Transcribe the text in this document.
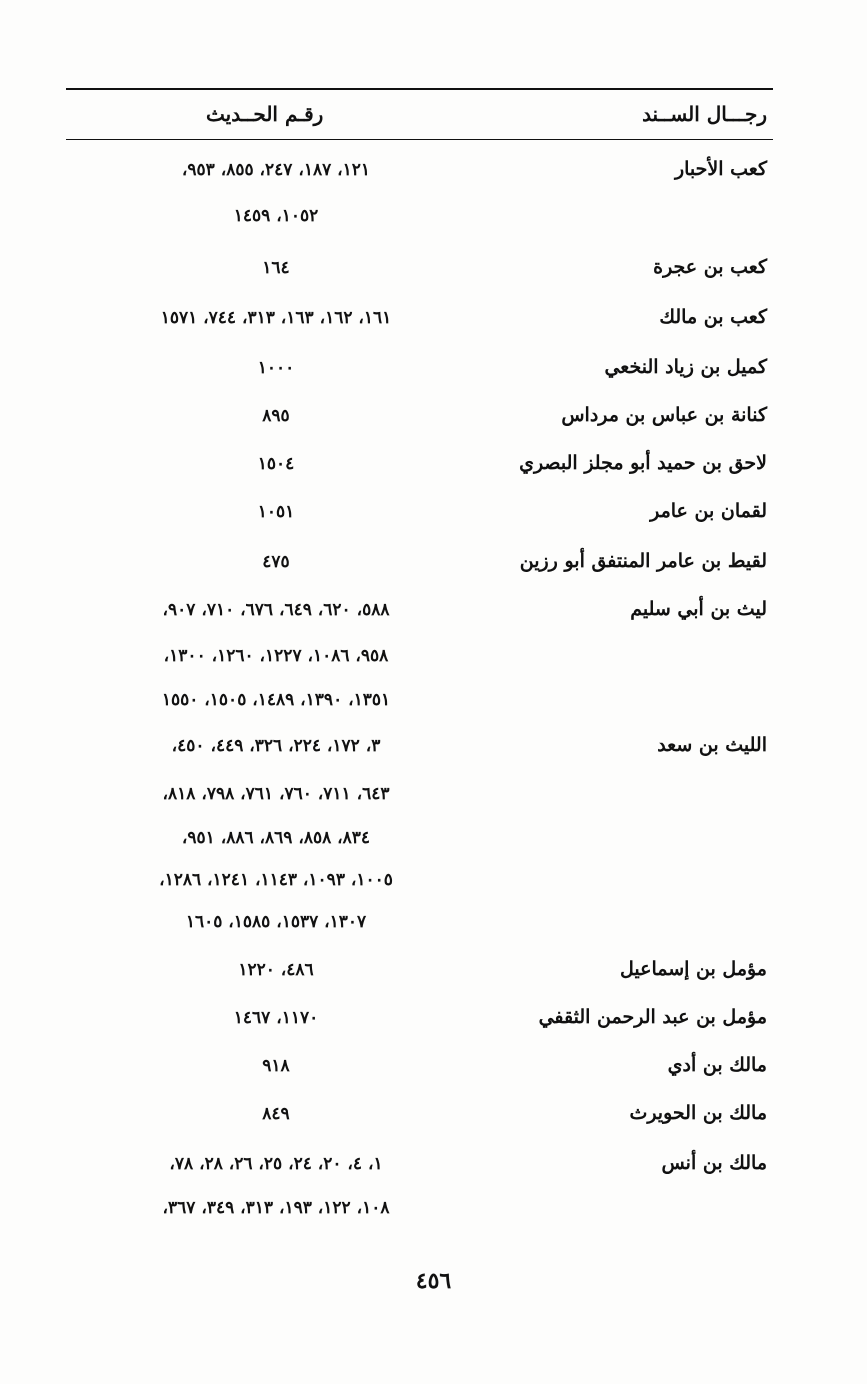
رجـــال الســند
رقـم الحــديث
كعب الأحبار
١٢١، ١٨٧، ٢٤٧، ٨٥٥، ٩٥٣،
١٠٥٢، ١٤٥٩
كعب بن عجرة
١٦٤
كعب بن مالك
١٦١، ١٦٢، ١٦٣، ٣١٣، ٧٤٤، ١٥٧١
كميل بن زياد النخعي
١٠٠٠
كنانة بن عباس بن مرداس
٨٩٥
لاحق بن حميد أبو مجلز البصري
١٥٠٤
لقمان بن عامر
١٠٥١
لقيط بن عامر المنتفق أبو رزين
٤٧٥
ليث بن أبي سليم
٥٨٨، ٦٢٠، ٦٤٩، ٦٧٦، ٧١٠، ٩٠٧،
٩٥٨، ١٠٨٦، ١٢٢٧، ١٢٦٠، ١٣٠٠،
١٣٥١، ١٣٩٠، ١٤٨٩، ١٥٠٥، ١٥٥٠
الليث بن سعد
٣، ١٧٢، ٢٢٤، ٣٢٦، ٤٤٩، ٤٥٠،
٦٤٣، ٧١١، ٧٦٠، ٧٦١، ٧٩٨، ٨١٨،
٨٣٤، ٨٥٨، ٨٦٩، ٨٨٦، ٩٥١،
١٠٠٥، ١٠٩٣، ١١٤٣، ١٢٤١، ١٢٨٦،
١٣٠٧، ١٥٣٧، ١٥٨٥، ١٦٠٥
مؤمل بن إسماعيل
٤٨٦، ١٢٢٠
مؤمل بن عبد الرحمن الثقفي
١١٧٠، ١٤٦٧
مالك بن أدي
٩١٨
مالك بن الحويرث
٨٤٩
مالك بن أنس
١، ٤، ٢٠، ٢٤، ٢٥، ٢٦، ٢٨، ٧٨،
١٠٨، ١٢٢، ١٩٣، ٣١٣، ٣٤٩، ٣٦٧،
٤٥٦
